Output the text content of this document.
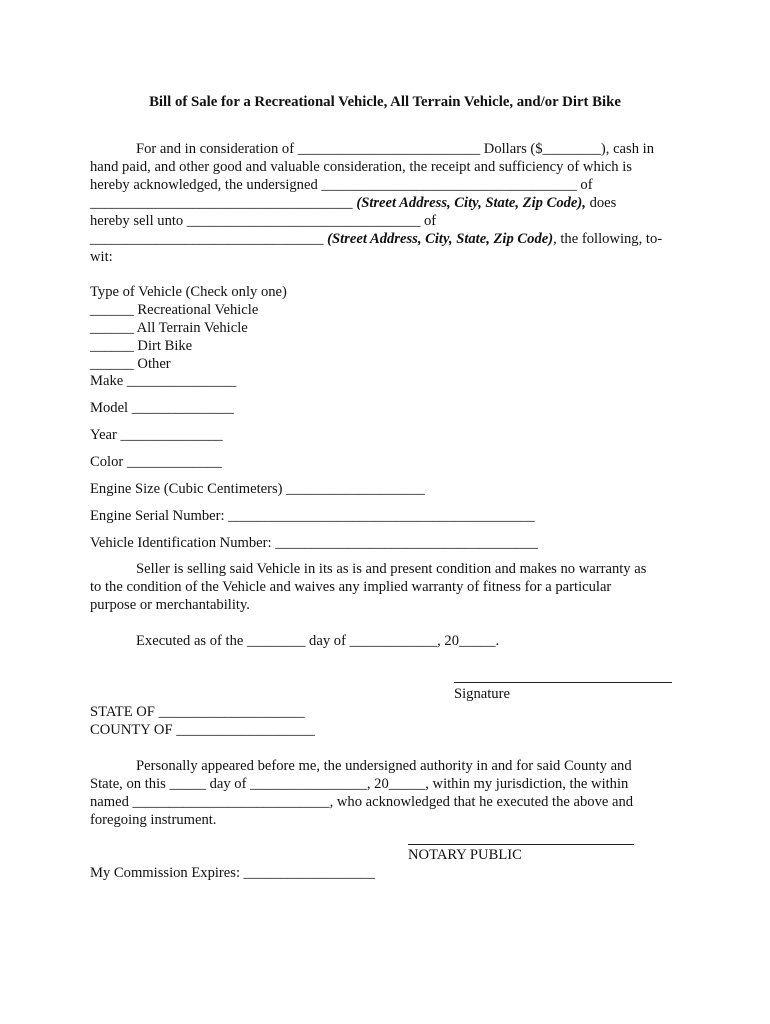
Bill of Sale for a Recreational Vehicle, All Terrain Vehicle, and/or Dirt Bike
For and in consideration of _________________________ Dollars ($________), cash in
hand paid, and other good and valuable consideration, the receipt and sufficiency of which is
hereby acknowledged, the undersigned ___________________________________ of
____________________________________ (Street Address, City, State, Zip Code), does
hereby sell unto ________________________________ of
________________________________ (Street Address, City, State, Zip Code), the following, to-
wit:
Type of Vehicle (Check only one)
______ Recreational Vehicle
______ All Terrain Vehicle
______ Dirt Bike
______ Other
Make _______________
Model ______________
Year ______________
Color _____________
Engine Size (Cubic Centimeters) ___________________
Engine Serial Number: __________________________________________
Vehicle Identification Number: ____________________________________
Seller is selling said Vehicle in its as is and present condition and makes no warranty as
to the condition of the Vehicle and waives any implied warranty of fitness for a particular
purpose or merchantability.
Executed as of the ________ day of ____________, 20_____.
Signature
STATE OF ____________________
COUNTY OF ___________________
Personally appeared before me, the undersigned authority in and for said County and
State, on this _____ day of ________________, 20_____, within my jurisdiction, the within
named ___________________________, who acknowledged that he executed the above and
foregoing instrument.
NOTARY PUBLIC
My Commission Expires: __________________
